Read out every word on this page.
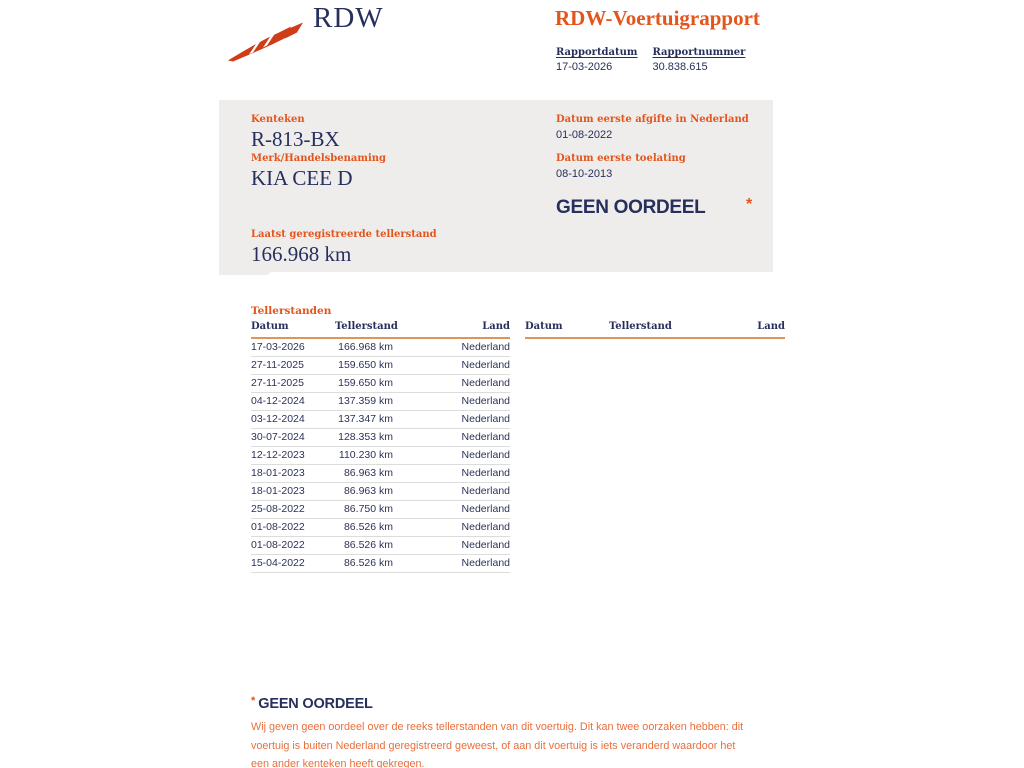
RDW	RDW-Voertuigrapport
Rapportdatum
17-03-2026
Rapportnummer
30.838.615
Kenteken
R-813-BX
Merk/Handelsbenaming
KIA CEE D
Laatst geregistreerde tellerstand
166.968 km
Datum eerste afgifte in Nederland
01-08-2022
Datum eerste toelating
08-10-2013
GEEN OORDEEL	*
Tellerstanden
Datum	Tellerstand	Land
17-03-2026	166.968 km	Nederland
27-11-2025	159.650 km	Nederland
27-11-2025	159.650 km	Nederland
04-12-2024	137.359 km	Nederland
03-12-2024	137.347 km	Nederland
30-07-2024	128.353 km	Nederland
12-12-2023	110.230 km	Nederland
18-01-2023	86.963 km	Nederland
18-01-2023	86.963 km	Nederland
25-08-2022	86.750 km	Nederland
01-08-2022	86.526 km	Nederland
01-08-2022	86.526 km	Nederland
15-04-2022	86.526 km	Nederland
Datum	Tellerstand	Land
* GEEN OORDEEL
Wij geven geen oordeel over de reeks tellerstanden van dit voertuig. Dit kan twee oorzaken hebben: dit voertuig is buiten Nederland geregistreerd geweest, of aan dit voertuig is iets veranderd waardoor het een ander kenteken heeft gekregen.
